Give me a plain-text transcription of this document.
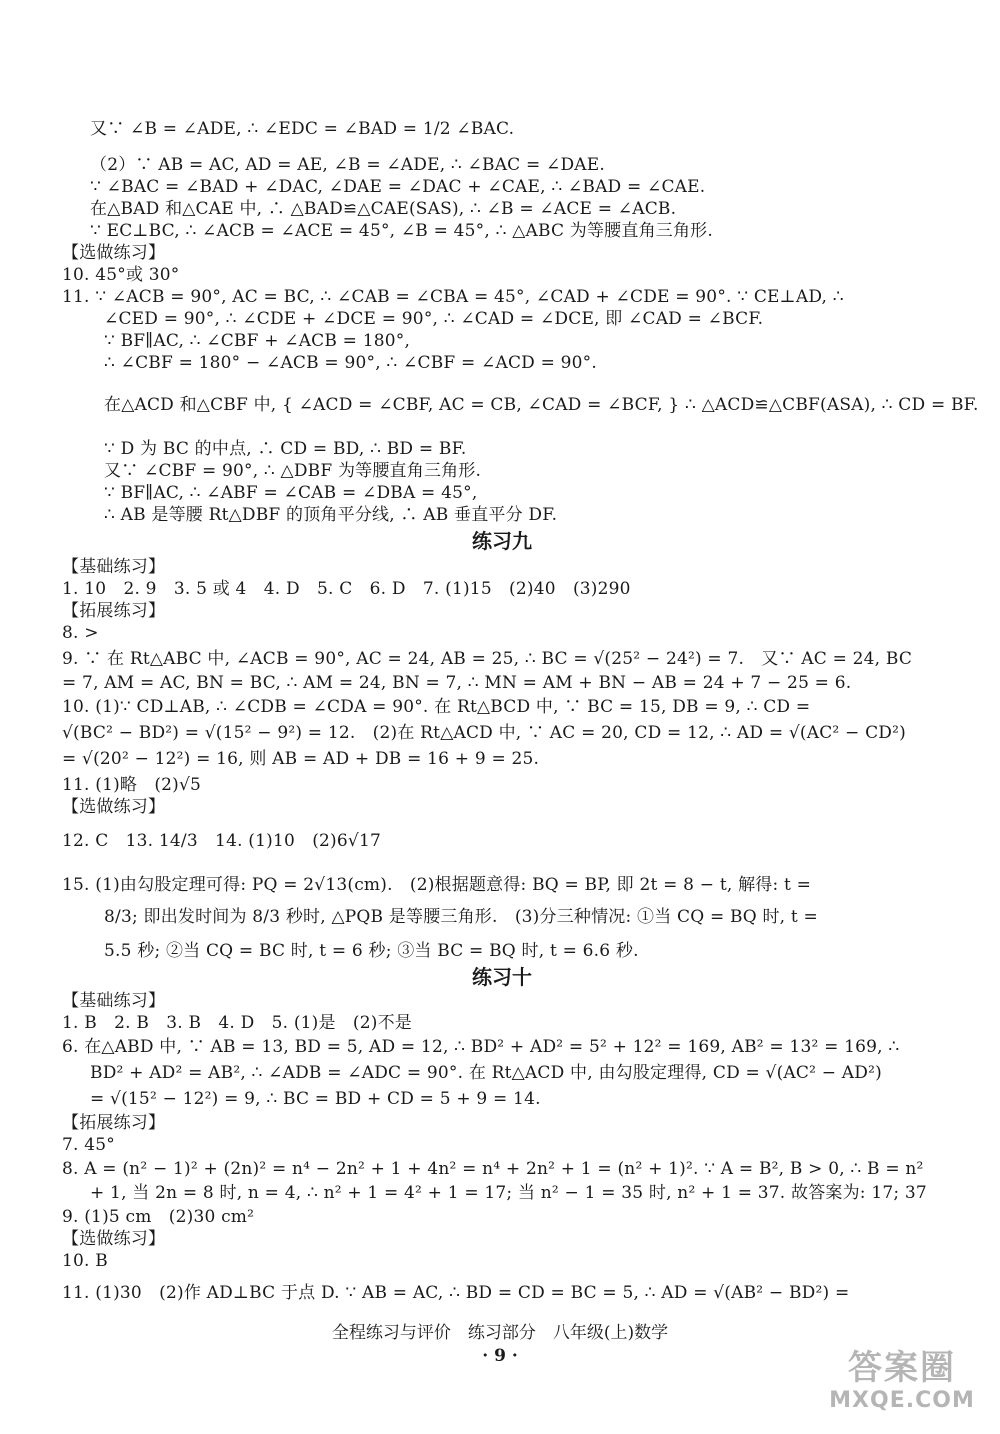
又∵ ∠B = ∠ADE, ∴ ∠EDC = ∠BAD = 1/2 ∠BAC.
（2）∵ AB = AC, AD = AE, ∠B = ∠ADE, ∴ ∠BAC = ∠DAE.
∵ ∠BAC = ∠BAD + ∠DAC, ∠DAE = ∠DAC + ∠CAE, ∴ ∠BAD = ∠CAE.
在△BAD 和△CAE 中, ∴ △BAD≌△CAE(SAS), ∴ ∠B = ∠ACE = ∠ACB.
∵ EC⊥BC, ∴ ∠ACB = ∠ACE = 45°, ∠B = 45°, ∴ △ABC 为等腰直角三角形.
【选做练习】
10. 45°或 30°
11. ∵ ∠ACB = 90°, AC = BC, ∴ ∠CAB = ∠CBA = 45°, ∠CAD + ∠CDE = 90°. ∵ CE⊥AD, ∴
∠CED = 90°, ∴ ∠CDE + ∠DCE = 90°, ∴ ∠CAD = ∠DCE, 即 ∠CAD = ∠BCF.
∵ BF∥AC, ∴ ∠CBF + ∠ACB = 180°,
∴ ∠CBF = 180° − ∠ACB = 90°, ∴ ∠CBF = ∠ACD = 90°.
在△ACD 和△CBF 中, { ∠ACD = ∠CBF, AC = CB, ∠CAD = ∠BCF, } ∴ △ACD≌△CBF(ASA), ∴ CD = BF.
∵ D 为 BC 的中点, ∴ CD = BD, ∴ BD = BF.
又∵ ∠CBF = 90°, ∴ △DBF 为等腰直角三角形.
∵ BF∥AC, ∴ ∠ABF = ∠CAB = ∠DBA = 45°,
∴ AB 是等腰 Rt△DBF 的顶角平分线, ∴ AB 垂直平分 DF.
练习九
【基础练习】
1. 10　2. 9　3. 5 或 4　4. D　5. C　6. D　7. (1)15　(2)40　(3)290
【拓展练习】
8. >
9. ∵ 在 Rt△ABC 中, ∠ACB = 90°, AC = 24, AB = 25, ∴ BC = √(25² − 24²) = 7.　又∵ AC = 24, BC
= 7, AM = AC, BN = BC, ∴ AM = 24, BN = 7, ∴ MN = AM + BN − AB = 24 + 7 − 25 = 6.
10. (1)∵ CD⊥AB, ∴ ∠CDB = ∠CDA = 90°. 在 Rt△BCD 中, ∵ BC = 15, DB = 9, ∴ CD =
√(BC² − BD²) = √(15² − 9²) = 12.　(2)在 Rt△ACD 中, ∵ AC = 20, CD = 12, ∴ AD = √(AC² − CD²)
= √(20² − 12²) = 16, 则 AB = AD + DB = 16 + 9 = 25.
11. (1)略　(2)√5
【选做练习】
12. C　13. 14/3　14. (1)10　(2)6√17
15. (1)由勾股定理可得: PQ = 2√13(cm).　(2)根据题意得: BQ = BP, 即 2t = 8 − t, 解得: t =
8/3; 即出发时间为 8/3 秒时, △PQB 是等腰三角形.　(3)分三种情况: ①当 CQ = BQ 时, t =
5.5 秒; ②当 CQ = BC 时, t = 6 秒; ③当 BC = BQ 时, t = 6.6 秒.
练习十
【基础练习】
1. B　2. B　3. B　4. D　5. (1)是　(2)不是
6. 在△ABD 中, ∵ AB = 13, BD = 5, AD = 12, ∴ BD² + AD² = 5² + 12² = 169, AB² = 13² = 169, ∴
BD² + AD² = AB², ∴ ∠ADB = ∠ADC = 90°. 在 Rt△ACD 中, 由勾股定理得, CD = √(AC² − AD²)
= √(15² − 12²) = 9, ∴ BC = BD + CD = 5 + 9 = 14.
【拓展练习】
7. 45°
8. A = (n² − 1)² + (2n)² = n⁴ − 2n² + 1 + 4n² = n⁴ + 2n² + 1 = (n² + 1)². ∵ A = B², B > 0, ∴ B = n²
+ 1, 当 2n = 8 时, n = 4, ∴ n² + 1 = 4² + 1 = 17; 当 n² − 1 = 35 时, n² + 1 = 37. 故答案为: 17; 37
9. (1)5 cm　(2)30 cm²
【选做练习】
10. B
11. (1)30　(2)作 AD⊥BC 于点 D. ∵ AB = AC, ∴ BD = CD = BC = 5, ∴ AD = √(AB² − BD²) =
全程练习与评价　练习部分　八年级(上)数学
· 9 ·	答案圈
MXQE.COM
